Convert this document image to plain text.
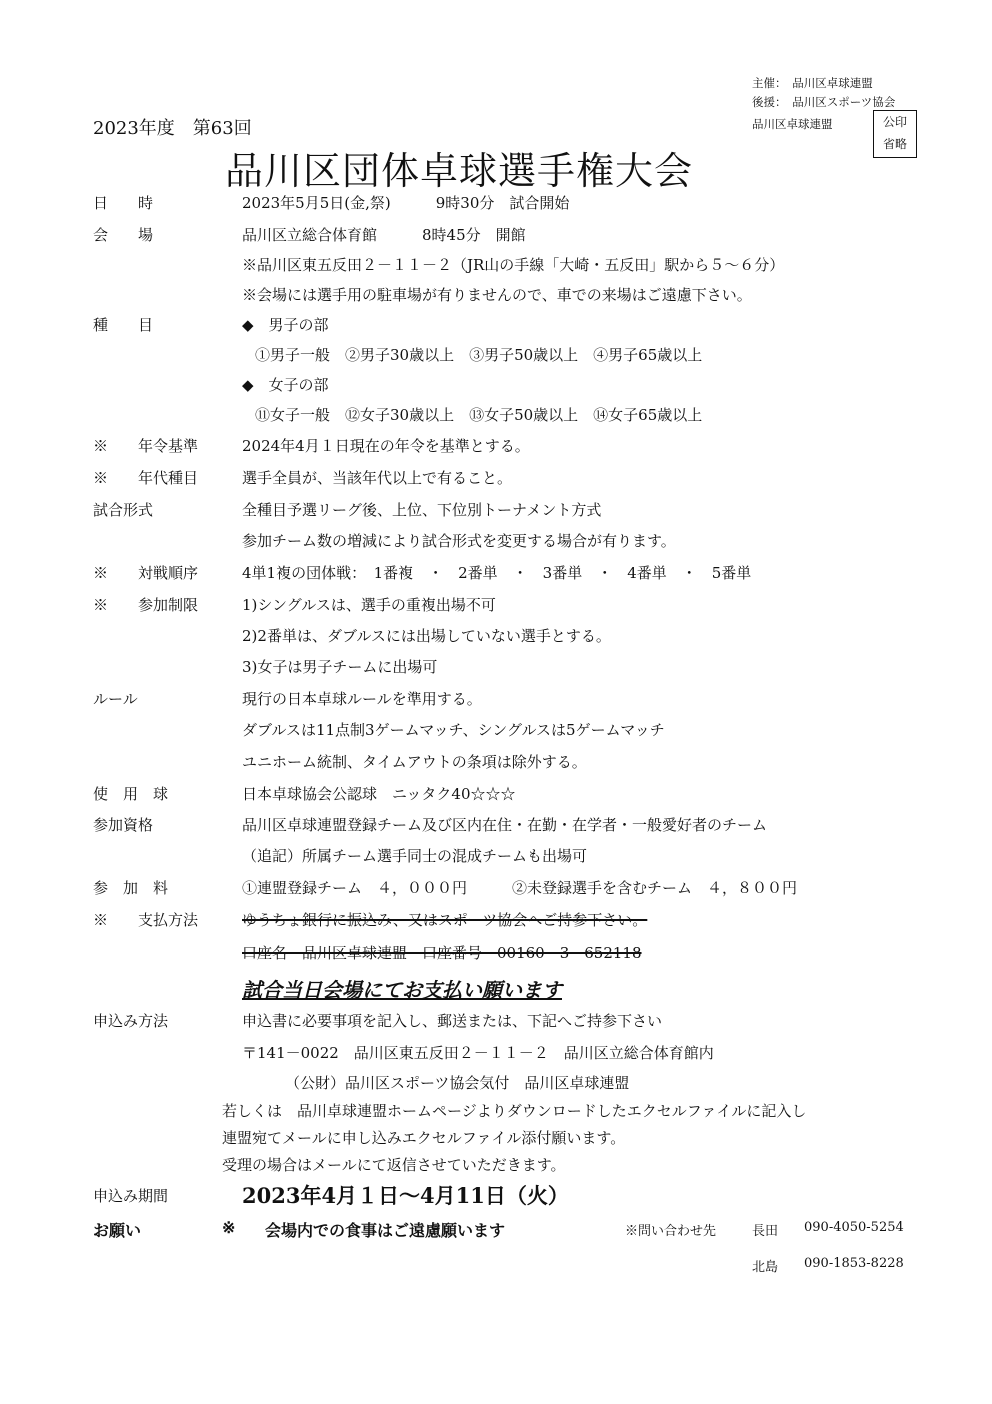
主催：　品川区卓球連盟
後援：　品川区スポーツ協会
品川区卓球連盟	公印
省略
2023年度　第63回
品川区団体卓球選手権大会
日　　時	2023年5月5日(金,祭)　　　9時30分　試合開始
会　　場	品川区立総合体育館　　　8時45分　開館
※品川区東五反田２－１１－２（JR山の手線「大崎・五反田」駅から５～６分）
※会場には選手用の駐車場が有りませんので、車での来場はご遠慮下さい。
種　　目	◆　男子の部
①男子一般　②男子30歳以上　③男子50歳以上　④男子65歳以上
◆　女子の部
⑪女子一般　⑫女子30歳以上　⑬女子50歳以上　⑭女子65歳以上
※　　年令基準	2024年4月１日現在の年令を基準とする。
※　　年代種目	選手全員が、当該年代以上で有ること。
試合形式	全種目予選リーグ後、上位、下位別トーナメント方式
参加チーム数の増減により試合形式を変更する場合が有ります。
※　　対戦順序	4単1複の団体戦：　1番複　・　2番単　・　3番単　・　4番単　・　5番単
※　　参加制限	1)シングルスは、選手の重複出場不可
2)2番単は、ダブルスには出場していない選手とする。
3)女子は男子チームに出場可
ルール	現行の日本卓球ルールを準用する。
ダブルスは11点制3ゲームマッチ、シングルスは5ゲームマッチ
ユニホーム統制、タイムアウトの条項は除外する。
使　用　球	日本卓球協会公認球　ニッタク40☆☆☆
参加資格	品川区卓球連盟登録チーム及び区内在住・在勤・在学者・一般愛好者のチーム
（追記）所属チーム選手同士の混成チームも出場可
参　加　料	①連盟登録チーム　４，０００円　　　②未登録選手を含むチーム　４，８００円
※　　支払方法	ゆうちょ銀行に振込み、又はスポーツ協会へご持参下さい。
口座名　品川区卓球連盟　口座番号　00160－3－652118
試合当日会場にてお支払い願います
申込み方法	申込書に必要事項を記入し、郵送または、下記へご持参下さい
〒141－0022　品川区東五反田２－１１－２　品川区立総合体育館内
（公財）品川区スポーツ協会気付　品川区卓球連盟
若しくは　品川卓球連盟ホームページよりダウンロードしたエクセルファイルに記入し
連盟宛てメールに申し込みエクセルファイル添付願います。
受理の場合はメールにて返信させていただきます。
申込み期間	2023年4月１日～4月11日（火）
お願い	※ 会場内での食事はご遠慮願います	※問い合わせ先	長田 090-4050-5254
北島 090-1853-8228
